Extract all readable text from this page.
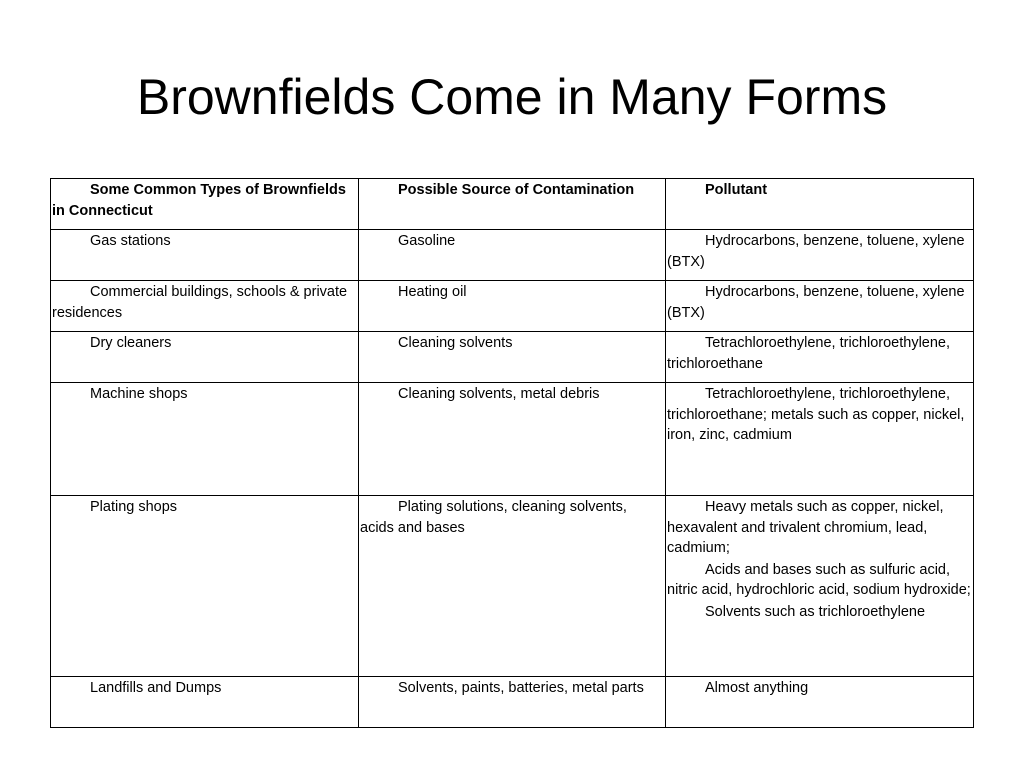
Brownfields Come in Many Forms
Some Common Types of Brownfields in Connecticut	Possible Source of Contamination	Pollutant

Gas stations	Gasoline	Hydrocarbons, benzene, toluene, xylene (BTX)

Commercial buildings, schools & private residences	Heating oil	Hydrocarbons, benzene, toluene, xylene (BTX)

Dry cleaners	Cleaning solvents	Tetrachloroethylene, trichloroethylene, trichloroethane

Machine shops	Cleaning solvents, metal debris	Tetrachloroethylene, trichloroethylene, trichloroethane; metals such as copper, nickel, iron, zinc, cadmium

Plating shops	Plating solutions, cleaning solvents, acids and bases	Heavy metals such as copper, nickel, hexavalent and trivalent chromium, lead, cadmium;
Acids and bases such as sulfuric acid, nitric acid, hydrochloric acid, sodium hydroxide;
Solvents such as trichloroethylene

Landfills and Dumps	Solvents, paints, batteries, metal parts	Almost anything
